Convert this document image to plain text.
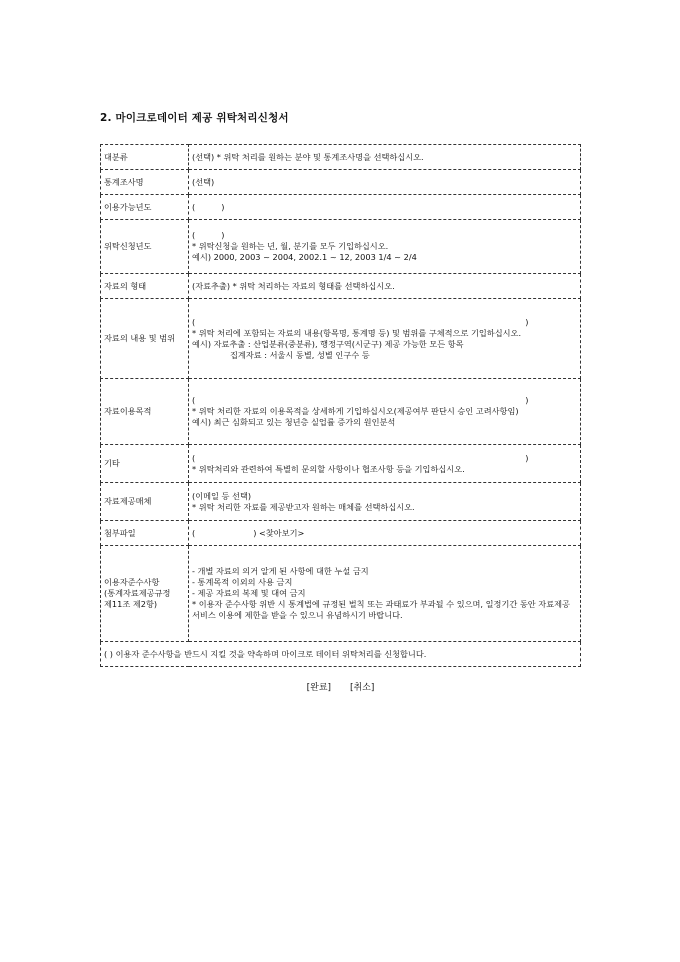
2. 마이크로데이터 제공 위탁처리신청서
대분류	(선택) * 위탁 처리를 원하는 분야 및 통계조사명을 선택하십시오.

통계조사명	(선택)

이용가능년도	( )

위탁신청년도	( )
* 위탁신청을 원하는 년, 월, 분기를 모두 기입하십시오.
예시) 2000, 2003 ~ 2004, 2002.1 ~ 12, 2003 1/4 ~ 2/4

자료의 형태	(자료추출) * 위탁 처리하는 자료의 형태를 선택하십시오.

자료의 내용 및 범위	( )
* 위탁 처리에 포함되는 자료의 내용(항목명, 통계명 등) 및 범위를 구체적으로 기입하십시오.
예시) 자료추출 : 산업분류(중분류), 행정구역(시군구) 제공 가능한 모든 항목
집계자료 : 서울시 동별, 성별 인구수 등

자료이용목적	( )
* 위탁 처리한 자료의 이용목적을 상세하게 기입하십시오(제공여부 판단시 승인 고려사항임)
예시) 최근 심화되고 있는 청년층 실업률 증가의 원인분석

기타	( )
* 위탁처리와 관련하여 특별히 문의할 사항이나 협조사항 등을 기입하십시오.

자료제공매체	(이메일 등 선택)
* 위탁 처리한 자료를 제공받고자 원하는 매체를 선택하십시오.

첨부파일	( ) <찾아보기>

이용자준수사항
(통계자료제공규정
제11조 제2항)	- 개별 자료의 의거 알게 된 사항에 대한 누설 금지
- 통계목적 이외의 사용 금지
- 제공 자료의 복제 및 대여 금지
* 이용자 준수사항 위반 시 통계법에 규정된 벌칙 또는 과태료가 부과될 수 있으며, 일정기간 동안 자료제공 서비스 이용에 제한을 받을 수 있으니 유념하시기 바랍니다.

( ) 이용자 준수사항을 반드시 지킬 것을 약속하며 마이크로 데이터 위탁처리를 신청합니다.	
[완료] [취소]
